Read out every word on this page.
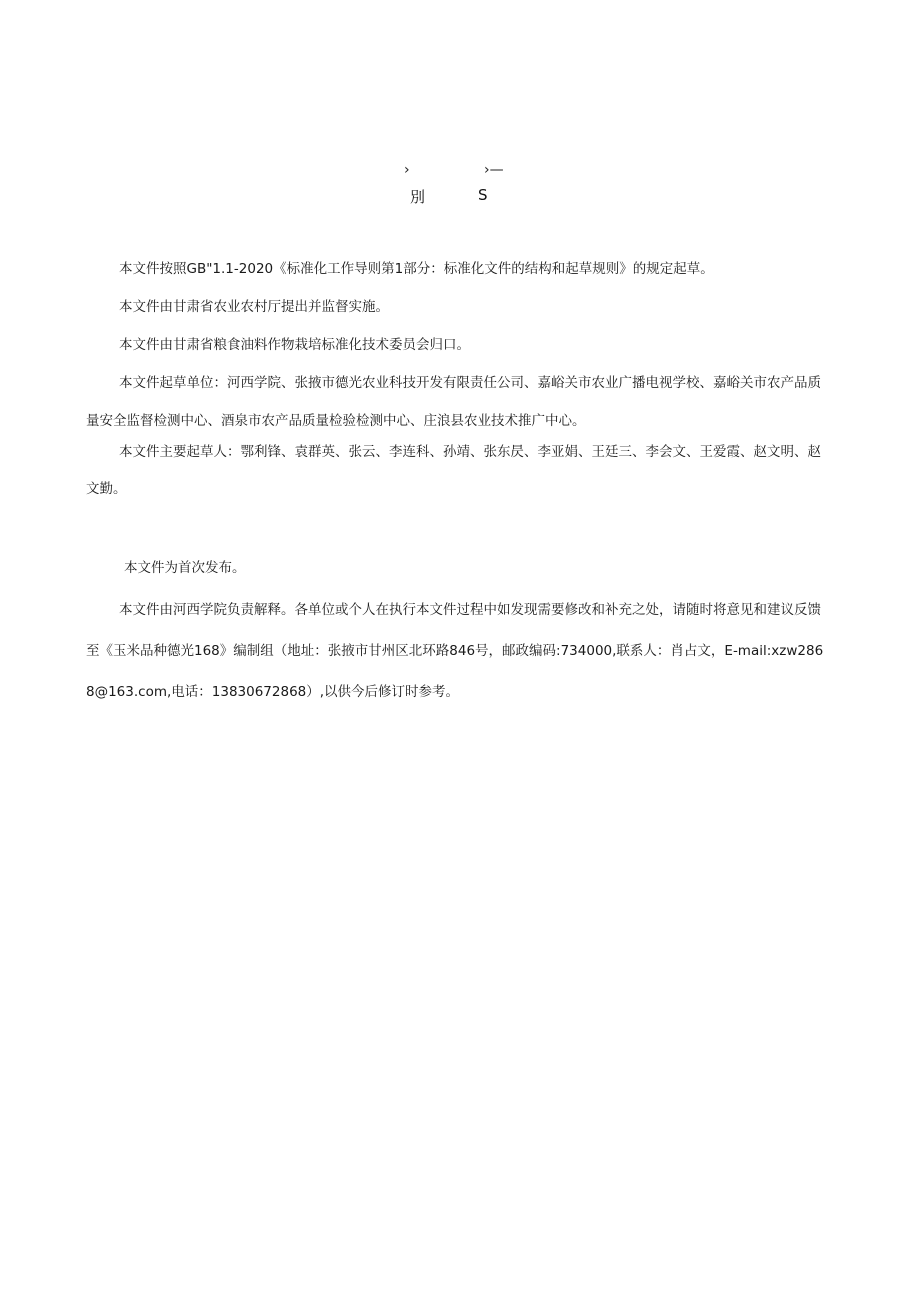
›	›—
別	S

本文件按照GB"1.1-2020《标准化工作导则第1部分：标准化文件的结构和起草规则》的规定起草。

本文件由甘肃省农业农村厅提出并监督实施。

本文件由甘肃省粮食油料作物栽培标准化技术委员会归口。

本文件起草单位：河西学院、张掖市德光农业科技开发有限责任公司、嘉峪关市农业广播电视学校、嘉峪关市农产品质量安全监督检测中心、酒泉市农产品质量检验检测中心、庄浪县农业技术推广中心。

本文件主要起草人：鄂利锋、袁群英、张云、李连科、孙靖、张东昃、李亚娟、王廷三、李会文、王爱霞、赵文明、赵文勤。

本文件为首次发布。

本文件由河西学院负责解释。各单位或个人在执行本文件过程中如发现需要修改和补充之处，请随时将意见和建议反馈至《玉米品种德光168》编制组（地址：张掖市甘州区北环路846号，邮政编码:734000,联系人：肖占文，E-mail:xzw2868@163.com,电话：13830672868）,以供今后修订时参考。
